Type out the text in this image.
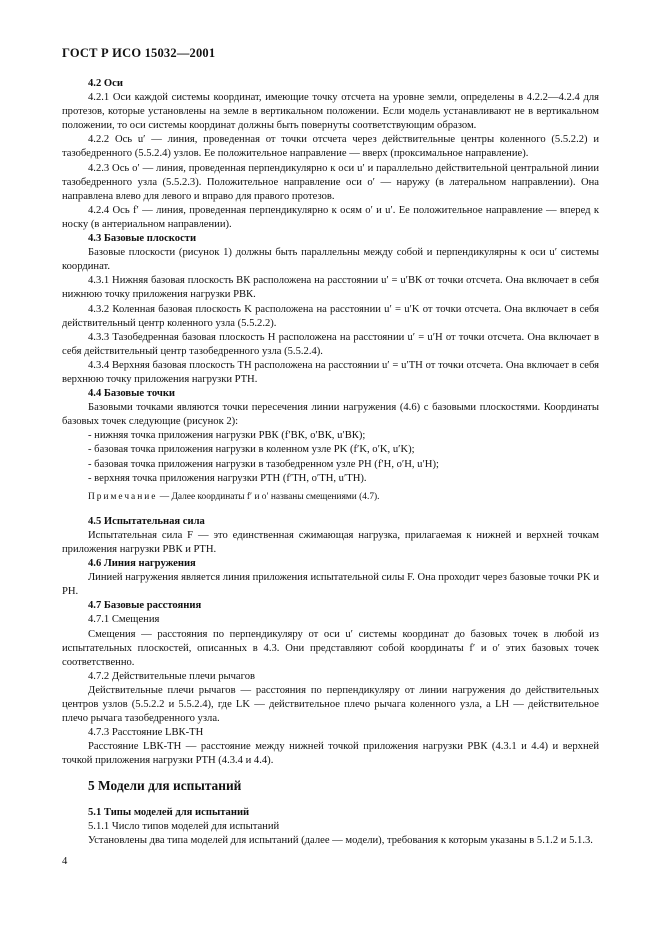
ГОСТ Р ИСО 15032—2001
4.2 Оси
4.2.1 Оси каждой системы координат, имеющие точку отсчета на уровне земли, определены в 4.2.2—4.2.4 для протезов, которые установлены на земле в вертикальном положении. Если модель устанавливают не в вертикальном положении, то оси системы координат должны быть повернуты соответствующим образом.
4.2.2 Ось u′ — линия, проведенная от точки отсчета через действительные центры коленного (5.5.2.2) и тазобедренного (5.5.2.4) узлов. Ее положительное направление — вверх (проксимальное направление).
4.2.3 Ось o′ — линия, проведенная перпендикулярно к оси u′ и параллельно действительной центральной линии тазобедренного узла (5.5.2.3). Положительное направление оси o′ — наружу (в латеральном направлении). Она направлена влево для левого и вправо для правого протезов.
4.2.4 Ось f′ — линия, проведенная перпендикулярно к осям o′ и u′. Ее положительное направление — вперед к носку (в антериальном направлении).
4.3 Базовые плоскости
Базовые плоскости (рисунок 1) должны быть параллельны между собой и перпендикулярны к оси u′ системы координат.
4.3.1 Нижняя базовая плоскость ВК расположена на расстоянии u′ = u′ВК от точки отсчета. Она включает в себя нижнюю точку приложения нагрузки PВК.
4.3.2 Коленная базовая плоскость K расположена на расстоянии u′ = u′K от точки отсчета. Она включает в себя действительный центр коленного узла (5.5.2.2).
4.3.3 Тазобедренная базовая плоскость H расположена на расстоянии u′ = u′H от точки отсчета. Она включает в себя действительный центр тазобедренного узла (5.5.2.4).
4.3.4 Верхняя базовая плоскость ТН расположена на расстоянии u′ = u′ТН от точки отсчета. Она включает в себя верхнюю точку приложения нагрузки PТН.
4.4 Базовые точки
Базовыми точками являются точки пересечения линии нагружения (4.6) с базовыми плоскостями. Координаты базовых точек следующие (рисунок 2):
- нижняя точка приложения нагрузки PВК (f′ВК, o′ВК, u′ВК);
- базовая точка приложения нагрузки в коленном узле PK (f′K, o′K, u′K);
- базовая точка приложения нагрузки в тазобедренном узле PH (f′H, o′H, u′H);
- верхняя точка приложения нагрузки PТН (f′ТН, o′ТН, u′ТН).
Примечание — Далее координаты f′ и o′ названы смещениями (4.7).
4.5 Испытательная сила
Испытательная сила F — это единственная сжимающая нагрузка, прилагаемая к нижней и верхней точкам приложения нагрузки PВК и PТН.
4.6 Линия нагружения
Линией нагружения является линия приложения испытательной силы F. Она проходит через базовые точки PK и PH.
4.7 Базовые расстояния
4.7.1 Смещения
Смещения — расстояния по перпендикуляру от оси u′ системы координат до базовых точек в любой из испытательных плоскостей, описанных в 4.3. Они представляют собой координаты f′ и o′ этих базовых точек соответственно.
4.7.2 Действительные плечи рычагов
Действительные плечи рычагов — расстояния по перпендикуляру от линии нагружения до действительных центров узлов (5.5.2.2 и 5.5.2.4), где LK — действительное плечо рычага коленного узла, a LH — действительное плечо рычага тазобедренного узла.
4.7.3 Расстояние LВК-ТН
Расстояние LВК-ТН — расстояние между нижней точкой приложения нагрузки PВК (4.3.1 и 4.4) и верхней точкой приложения нагрузки PТН (4.3.4 и 4.4).
5 Модели для испытаний
5.1 Типы моделей для испытаний
5.1.1 Число типов моделей для испытаний
Установлены два типа моделей для испытаний (далее — модели), требования к которым указаны в 5.1.2 и 5.1.3.
4
